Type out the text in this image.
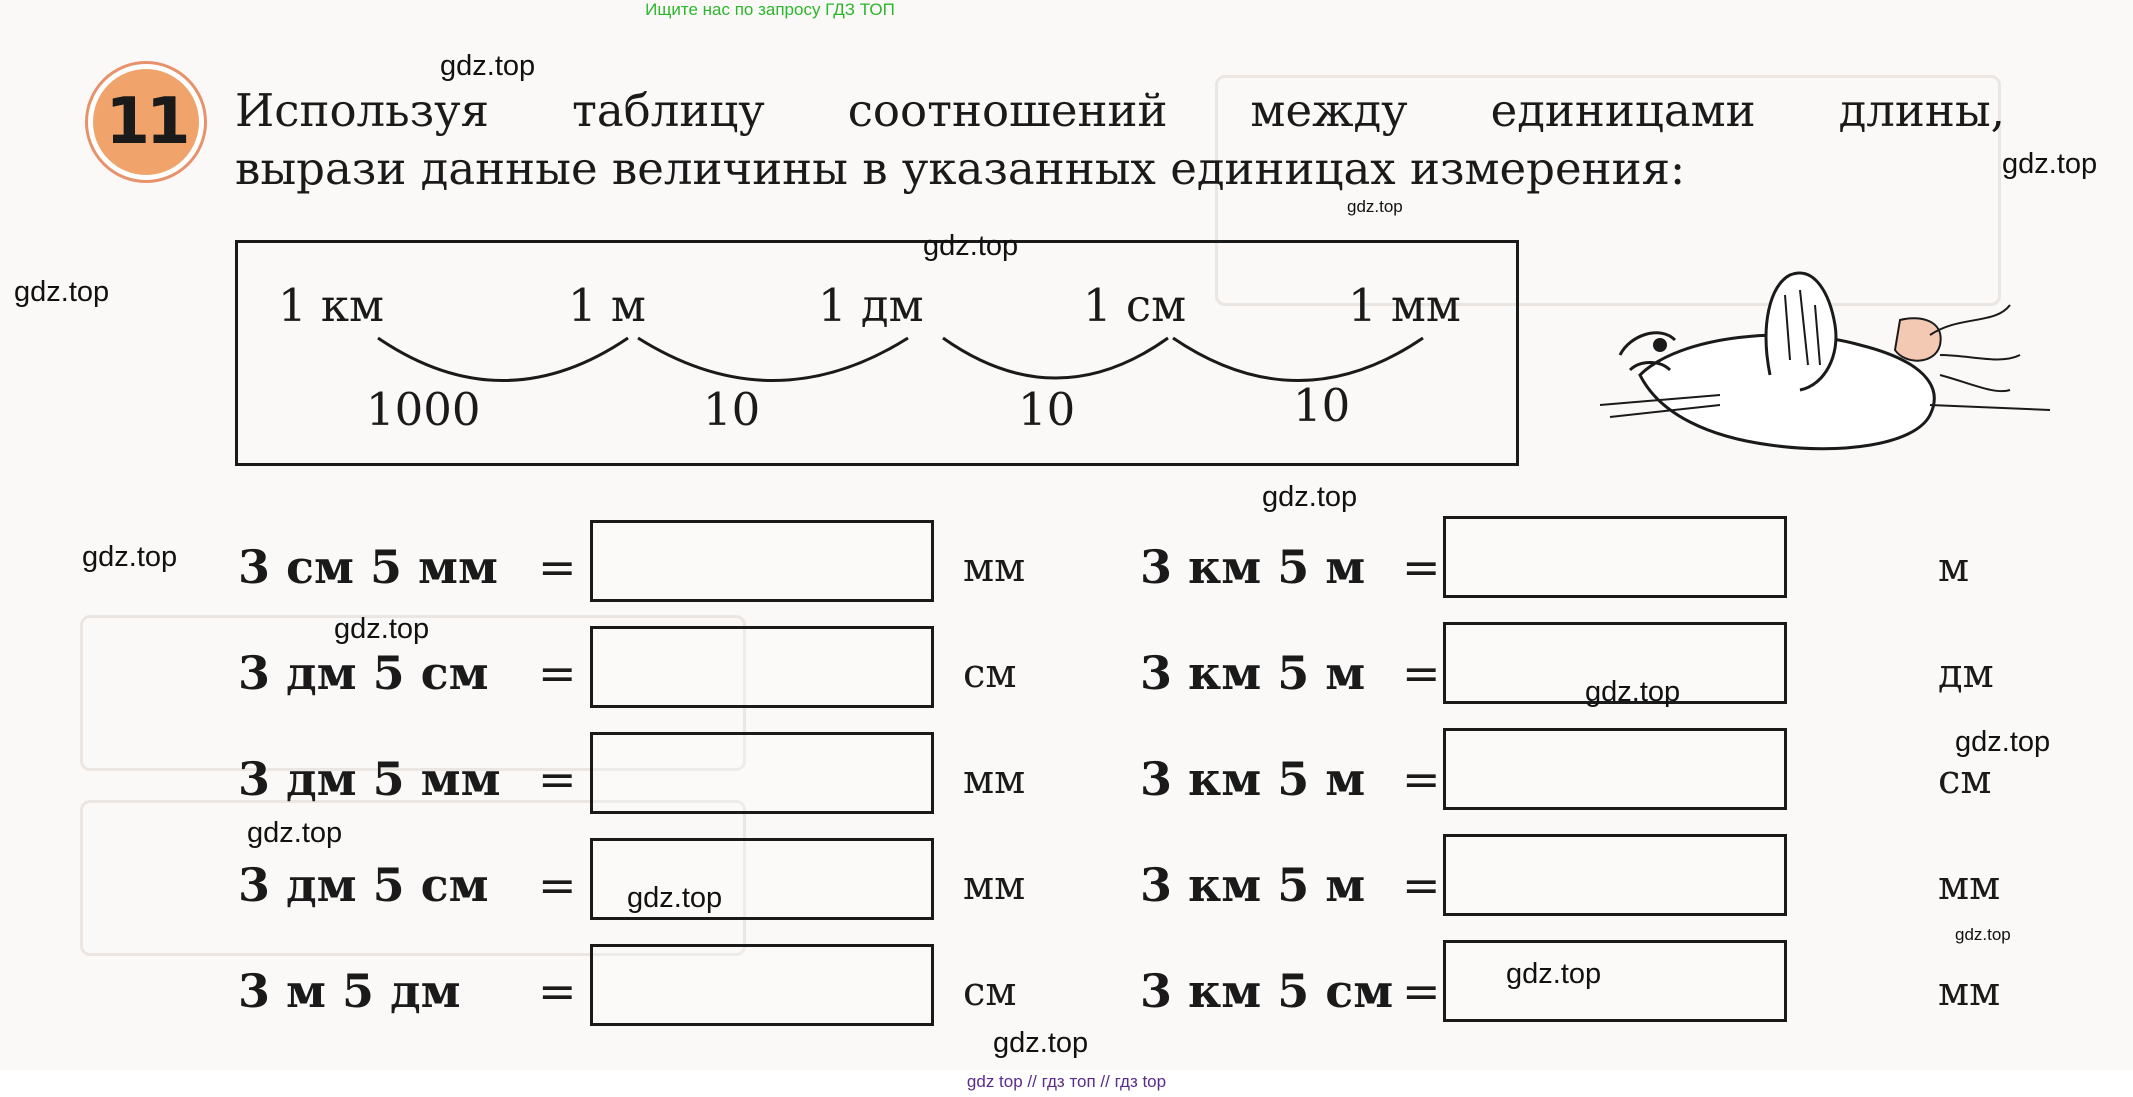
Ищите нас по запросу ГДЗ ТОП
11 Используя таблицу соотношений между единицами длины,
вырази данные величины в указанных единицах измерения:
1 км	1 м	1 дм	1 см	1 мм
1000	10	10	10
3 см 5 мм =	мм
3 дм 5 см =	см
3 дм 5 мм =	мм
3 дм 5 см =	мм
3 м 5 дм =	см
3 км 5 м =	м
3 км 5 м =	дм
3 км 5 м =	см
3 км 5 м =	мм
3 км 5 см =	мм
gdz.top
gdz.top
gdz.top
gdz.top
gdz.top
gdz.top
gdz.top
gdz.top
gdz.top
gdz.top
gdz.top
gdz.top
gdz.top
gdz.top
gdz.top
gdz top // гдз топ // гдз top
